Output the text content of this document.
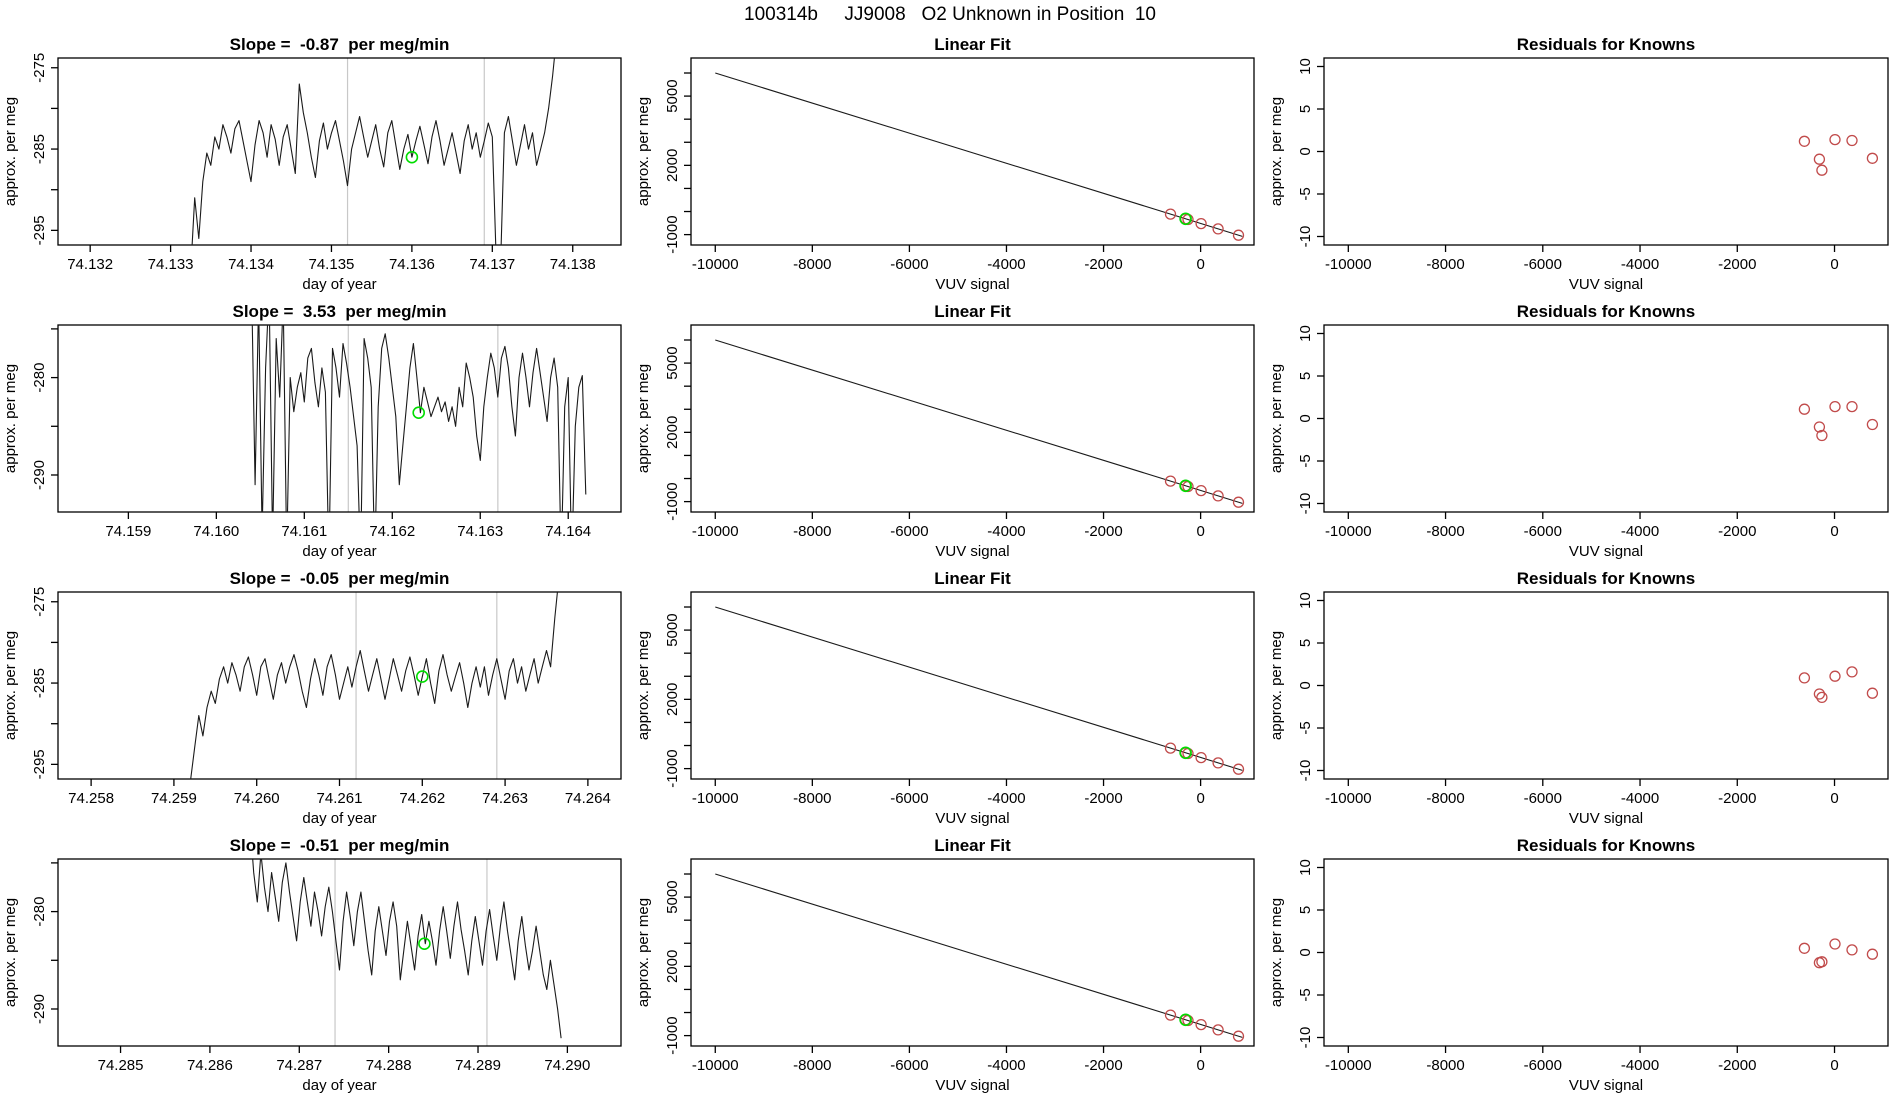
100314b     JJ9008   O2 Unknown in Position  10
74.132 74.133 74.134 74.135 74.136 74.137 74.138
-275
-285
-295
Slope =  -0.87  per meg/min
day of year
approx. per meg
-10000	-8000	-6000	-4000	-2000	0
-1000
2000
5000
Linear Fit
VUV signal
approx. per meg
-10000	-8000	-6000	-4000	-2000	0
-10
-5
0
5
10
Residuals for Knowns
VUV signal
approx. per meg
74.159	74.160	74.161	74.162	74.163	74.164
-280
-290
Slope =  3.53  per meg/min
day of year
approx. per meg
-10000	-8000	-6000	-4000	-2000	0
-1000
2000
5000
Linear Fit
VUV signal
approx. per meg
-10000	-8000	-6000	-4000	-2000	0
-10
-5
0
5
10
Residuals for Knowns
VUV signal
approx. per meg
74.258 74.259 74.260 74.261 74.262 74.263 74.264
-275
-285
-295
Slope =  -0.05  per meg/min
day of year
approx. per meg
-10000	-8000	-6000	-4000	-2000	0
-1000
2000
5000
Linear Fit
VUV signal
approx. per meg
-10000	-8000	-6000	-4000	-2000	0
-10
-5
0
5
10
Residuals for Knowns
VUV signal
approx. per meg
74.285	74.286	74.287	74.288	74.289	74.290
-280
-290
Slope =  -0.51  per meg/min
day of year
approx. per meg
-10000	-8000	-6000	-4000	-2000	0
-1000
2000
5000
Linear Fit
VUV signal
approx. per meg
-10000	-8000	-6000	-4000	-2000	0
-10
-5
0
5
10
Residuals for Knowns
VUV signal
approx. per meg
